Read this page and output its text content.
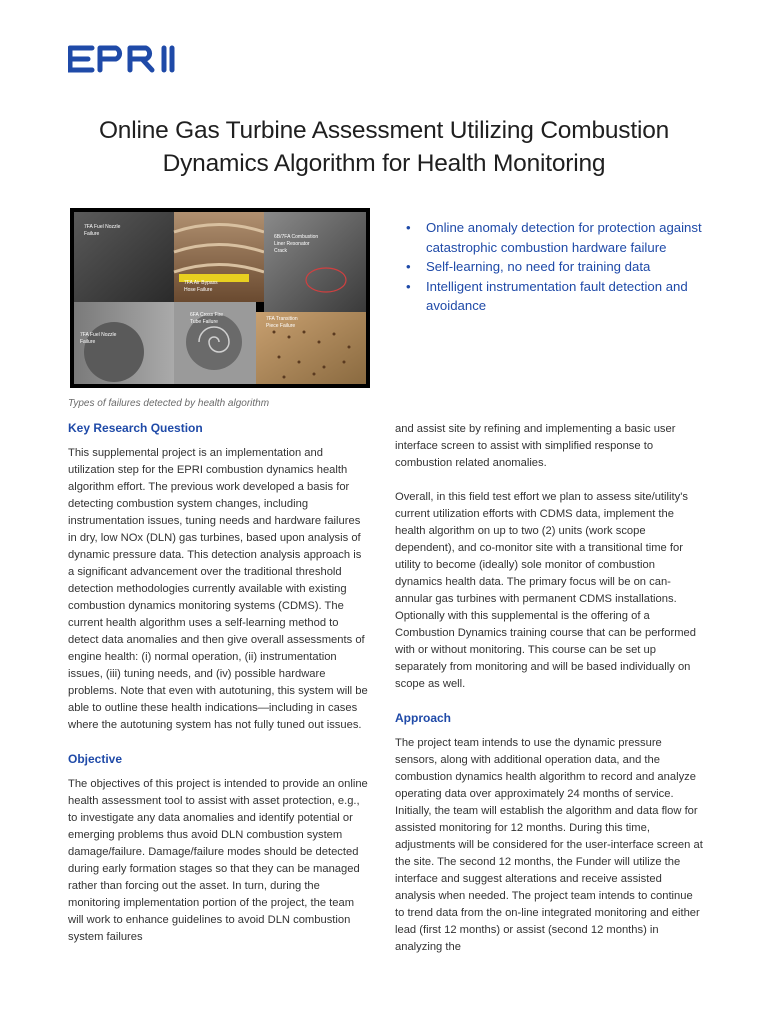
Online Gas Turbine Assessment Utilizing Combustion
Dynamics Algorithm for Health Monitoring
7FA Fuel Nozzle
Failure
7FA Air Bypass
Hose Failure
6B/7FA Combustion
Liner Resonator
Crack
7FA Fuel Nozzle
Failure
6FA Cross Fire
Tube Failure	7FA Transition
Piece Failure
Types of failures detected by health algorithm
• Online anomaly detection for protection against catastrophic combustion hardware failure
• Self-learning, no need for training data
• Intelligent instrumentation fault detection and avoidance
Key Research Question

This supplemental project is an implementation and utilization step for the EPRI combustion dynamics health algorithm effort. The previous work developed a basis for detecting combustion system changes, including instrumentation issues, tuning needs and hardware failures in dry, low NOx (DLN) gas turbines, based upon analysis of dynamic pressure data. This detection analysis approach is a significant advancement over the traditional threshold detection methodologies currently available with existing combustion dynamics monitoring systems (CDMS). The current health algorithm uses a self-learning method to detect data anomalies and then give overall assessments of engine health: (i) normal operation, (ii) instrumentation issues, (iii) tuning needs, and (iv) possible hardware problems. Note that even with autotuning, this system will be able to outline these health indications—including in cases where the autotuning system has not fully tuned out issues.

Objective

The objectives of this project is intended to provide an online health assessment tool to assist with asset protection, e.g., to investigate any data anomalies and identify potential or emerging problems thus avoid DLN combustion system damage/failure. Damage/failure modes should be detected during early formation stages so that they can be managed rather than forcing out the asset. In turn, during the monitoring implementation portion of the project, the team will work to enhance guidelines to avoid DLN combustion system failures

and assist site by refining and implementing a basic user interface screen to assist with simplified response to combustion related anomalies.

Overall, in this field test effort we plan to assess site/utility's current utilization efforts with CDMS data, implement the health algorithm on up to two (2) units (work scope dependent), and co-monitor site with a transitional time for utility to become (ideally) sole monitor of combustion dynamics health data. The primary focus will be on can-annular gas turbines with permanent CDMS installations. Optionally with this supplemental is the offering of a Combustion Dynamics training course that can be performed with or without monitoring. This course can be set up separately from monitoring and will be based individually on scope as well.

Approach

The project team intends to use the dynamic pressure sensors, along with additional operation data, and the combustion dynamics health algorithm to record and analyze operating data over approximately 24 months of service. Initially, the team will establish the algorithm and data flow for assisted monitoring for 12 months. During this time, adjustments will be considered for the user-interface screen at the site. The second 12 months, the Funder will utilize the interface and suggest alterations and receive assisted analysis when needed. The project team intends to continue to trend data from the on-line integrated monitoring and either lead (first 12 months) or assist (second 12 months) in analyzing the
